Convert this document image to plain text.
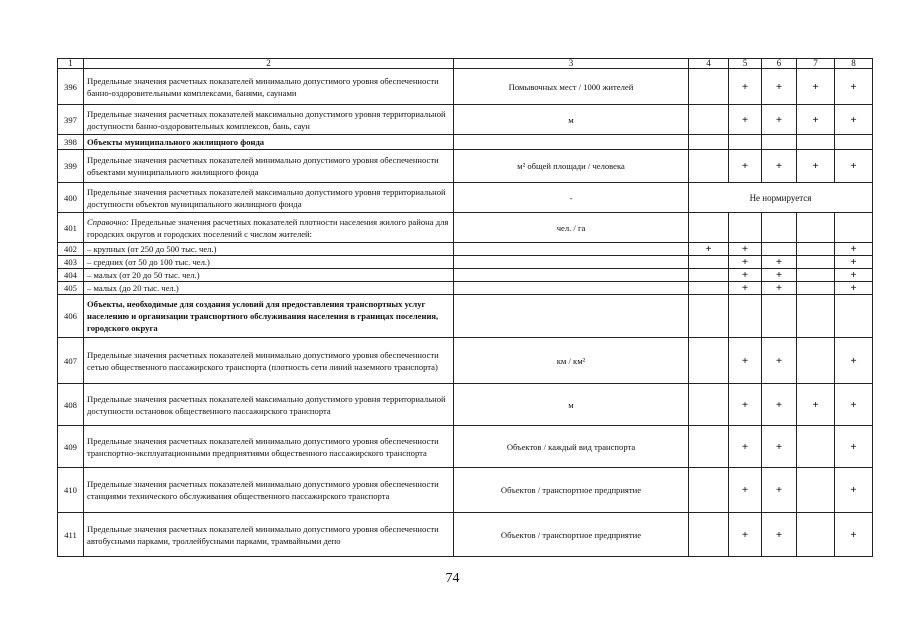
1	2	3	4	5	6	7	8
396	Предельные значения расчетных показателей минимально допустимого уровня обеспеченности банно-оздоровительными комплексами, банями, саунами	Помывочных мест / 1000 жителей		+	+	+	+
397	Предельные значения расчетных показателей максимально допустимого уровня территориальной доступности банно-оздоровительных комплексов, бань, саун	м		+	+	+	+
398	Объекты муниципального жилищного фонда						
399	Предельные значения расчетных показателей минимально допустимого уровня обеспеченности объектами муниципального жилищного фонда	м² общей площади / человека		+	+	+	+
400	Предельные значения расчетных показателей максимально допустимого уровня территориальной доступности объектов муниципального жилищного фонда	-	Не нормируется				
401	Справочно: Предельные значения расчетных показателей плотности населения жилого района для городских округов и городских поселений с числом жителей:	чел. / га					
402	– крупных (от 250 до 500 тыс. чел.)		+	+			+
403	– средних (от 50 до 100 тыс. чел.)			+	+		+
404	– малых (от 20 до 50 тыс. чел.)			+	+		+
405	– малых (до 20 тыс. чел.)			+	+		+
406	Объекты, необходимые для создания условий для предоставления транспортных услуг населению и организации транспортного обслуживания населения в границах поселения, городского округа						
407	Предельные значения расчетных показателей минимально допустимого уровня обеспеченности сетью общественного пассажирского транспорта (плотность сети линий наземного транспорта)	км / км²		+	+		+
408	Предельные значения расчетных показателей максимально допустимого уровня территориальной доступности остановок общественного пассажирского транспорта	м		+	+	+	+
409	Предельные значения расчетных показателей минимально допустимого уровня обеспеченности транспортно-эксплуатационными предприятиями общественного пассажирского транспорта	Объектов / каждый вид транспорта		+	+		+
410	Предельные значения расчетных показателей минимально допустимого уровня обеспеченности станциями технического обслуживания общественного пассажирского транспорта	Объектов / транспортное предприятие		+	+		+
411	Предельные значения расчетных показателей минимально допустимого уровня обеспеченности автобусными парками, троллейбусными парками, трамвайными депо	Объектов / транспортное предприятие		+	+		+
74
